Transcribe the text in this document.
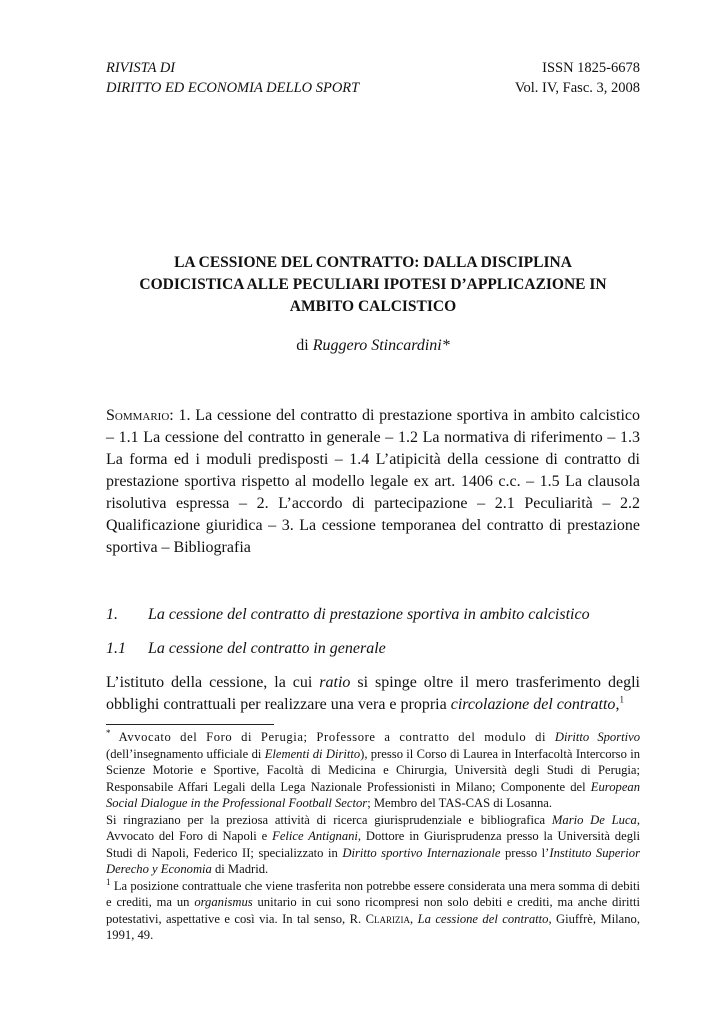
RIVISTA DI
DIRITTO ED ECONOMIA DELLO SPORT
ISSN 1825-6678
Vol. IV, Fasc. 3, 2008
LA CESSIONE DEL CONTRATTO: DALLA DISCIPLINA
CODICISTICA ALLE PECULIARI IPOTESI D’APPLICAZIONE IN
AMBITO CALCISTICO
di Ruggero Stincardini*
Sommario: 1. La cessione del contratto di prestazione sportiva in ambito calcistico – 1.1 La cessione del contratto in generale – 1.2 La normativa di riferimento – 1.3 La forma ed i moduli predisposti – 1.4 L’atipicità della cessione di contratto di prestazione sportiva rispetto al modello legale ex art. 1406 c.c. – 1.5 La clausola risolutiva espressa – 2. L’accordo di partecipazione – 2.1 Peculiarità – 2.2 Qualificazione giuridica – 3. La cessione temporanea del contratto di prestazione sportiva – Bibliografia
1.	La cessione del contratto di prestazione sportiva in ambito calcistico
1.1	La cessione del contratto in generale
L’istituto della cessione, la cui ratio si spinge oltre il mero trasferimento degli obblighi contrattuali per realizzare una vera e propria circolazione del contratto,$^1$

* Avvocato del Foro di Perugia; Professore a contratto del modulo di Diritto Sportivo (dell’insegnamento ufficiale di Elementi di Diritto), presso il Corso di Laurea in Interfacoltà Intercorso in Scienze Motorie e Sportive, Facoltà di Medicina e Chirurgia, Università degli Studi di Perugia; Responsabile Affari Legali della Lega Nazionale Professionisti in Milano; Componente del European Social Dialogue in the Professional Football Sector; Membro del TAS-CAS di Losanna.

Si ringraziano per la preziosa attività di ricerca giurisprudenziale e bibliografica Mario De Luca, Avvocato del Foro di Napoli e Felice Antignani, Dottore in Giurisprudenza presso la Università degli Studi di Napoli, Federico II; specializzato in Diritto sportivo Internazionale presso l’Instituto Superior Derecho y Economia di Madrid.

$^1$ La posizione contrattuale che viene trasferita non potrebbe essere considerata una mera somma di debiti e crediti, ma un organismus unitario in cui sono ricompresi non solo debiti e crediti, ma anche diritti potestativi, aspettative e così via. In tal senso, R. Clarizia, La cessione del contratto, Giuffrè, Milano, 1991, 49.
